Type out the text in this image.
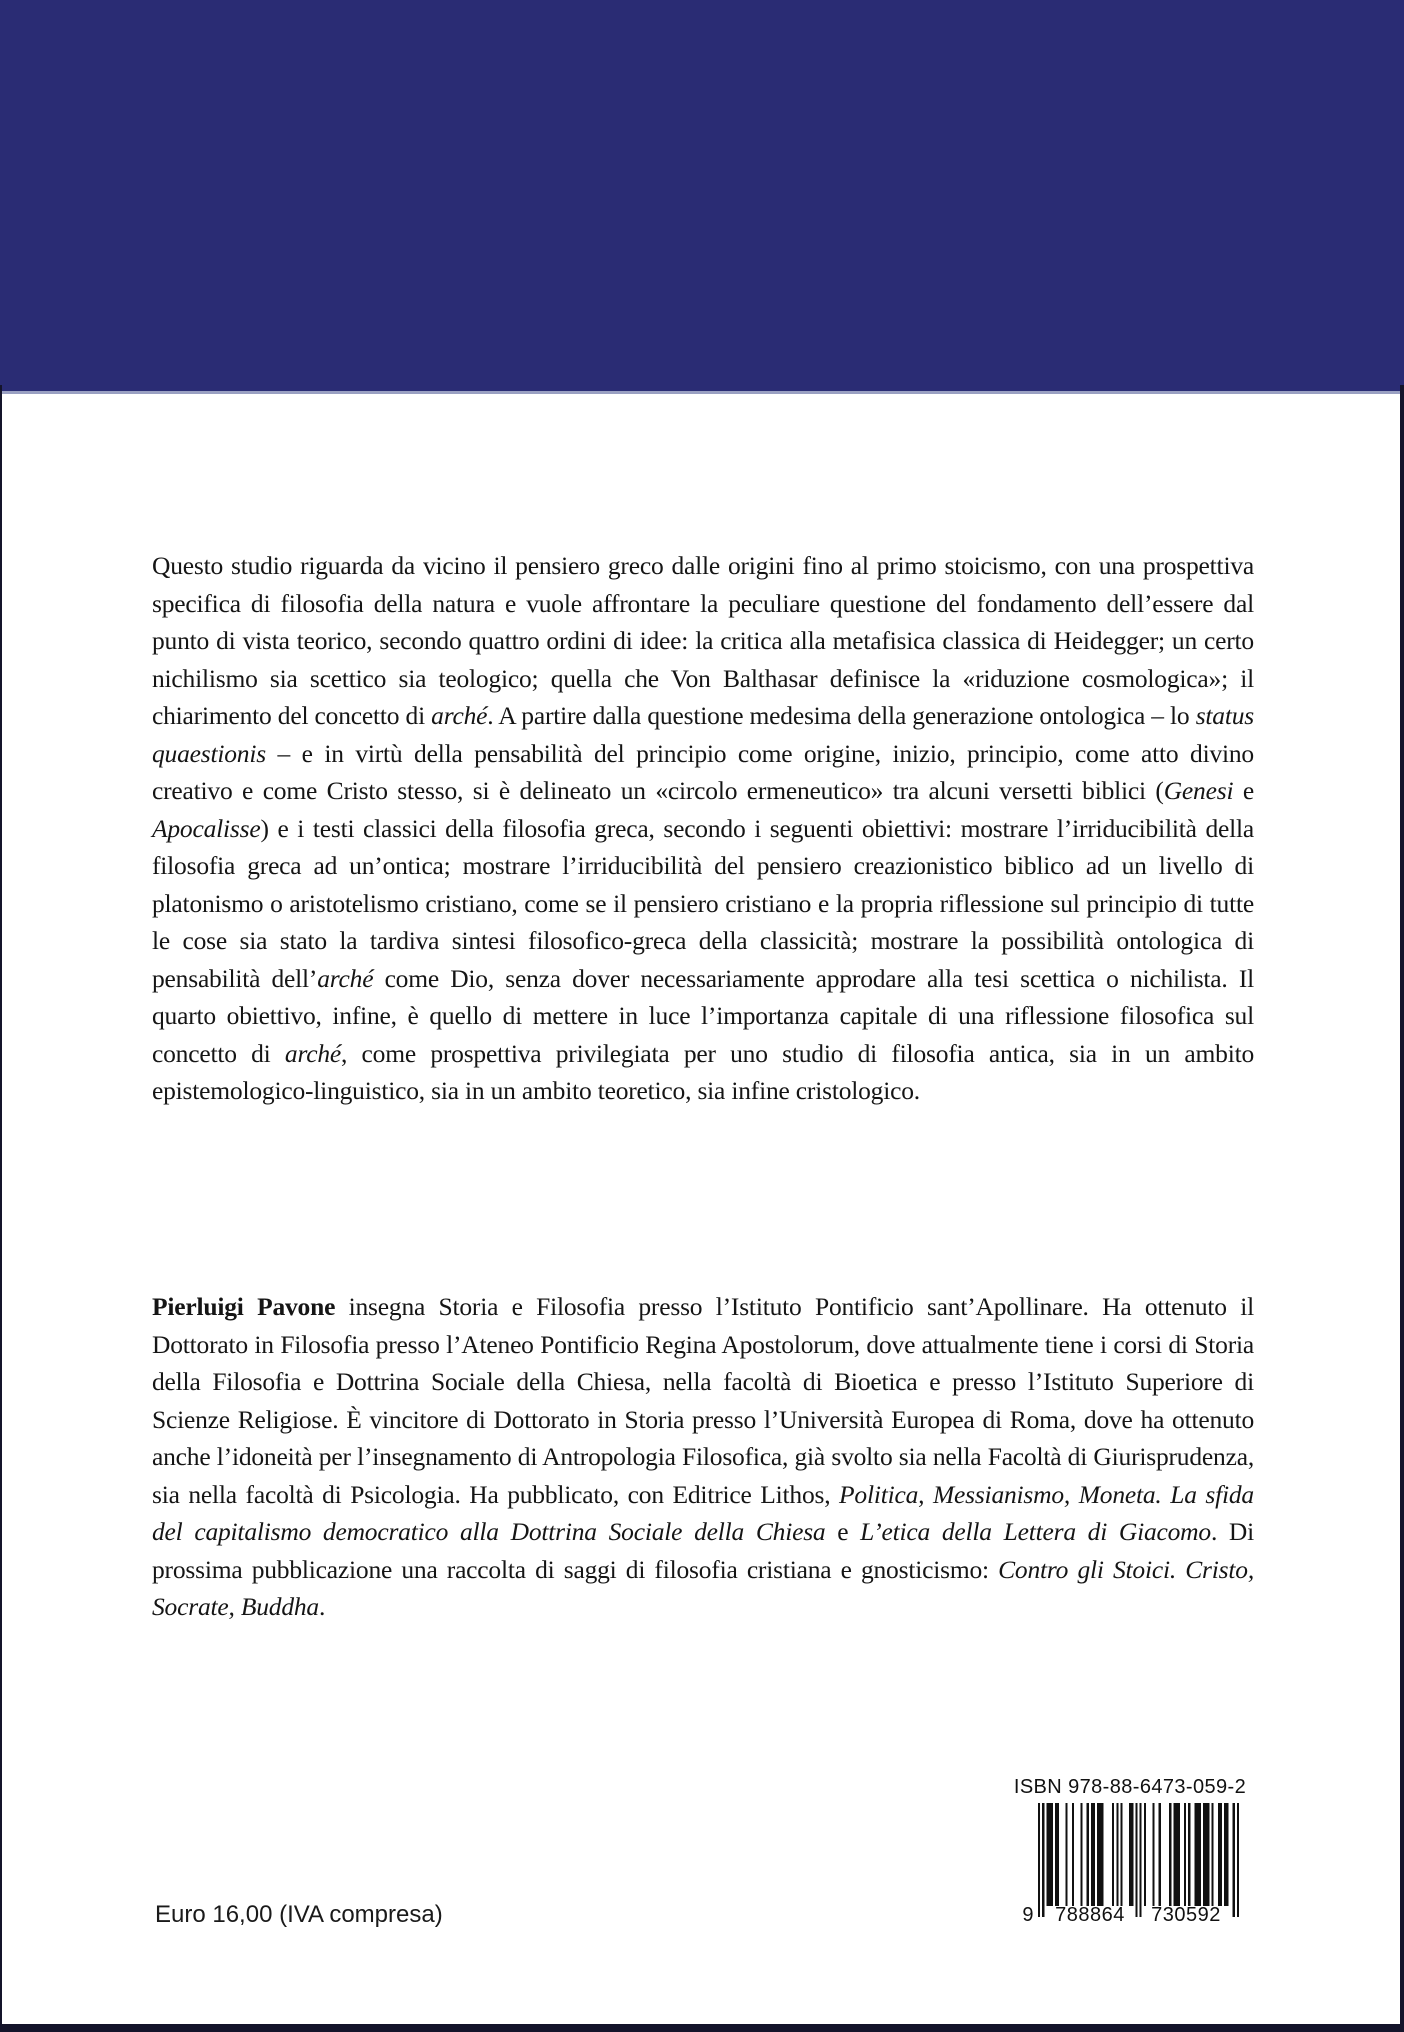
Questo studio riguarda da vicino il pensiero greco dalle origini fino al primo stoicismo, con una prospettiva specifica di filosofia della natura e vuole affrontare la peculiare questione del fondamento dell’essere dal punto di vista teorico, secondo quattro ordini di idee: la critica alla metafisica classica di Heidegger; un certo nichilismo sia scettico sia teologico; quella che Von Balthasar definisce la «riduzione cosmologica»; il chiarimento del concetto di arché. A partire dalla questione medesima della generazione ontologica – lo status quaestionis – e in virtù della pensabilità del principio come origine, inizio, principio, come atto divino creativo e come Cristo stesso, si è delineato un «circolo ermeneutico» tra alcuni versetti biblici (Genesi e Apocalisse) e i testi classici della filosofia greca, secondo i seguenti obiettivi: mostrare l’irriducibilità della filosofia greca ad un’ontica; mostrare l’irriducibilità del pensiero creazionistico biblico ad un livello di platonismo o aristotelismo cristiano, come se il pensiero cristiano e la propria riflessione sul principio di tutte le cose sia stato la tardiva sintesi filosofico-greca della classicità; mostrare la possibilità ontologica di pensabilità dell’arché come Dio, senza dover necessariamente approdare alla tesi scettica o nichilista. Il quarto obiettivo, infine, è quello di mettere in luce l’importanza capitale di una riflessione filosofica sul concetto di arché, come prospettiva privilegiata per uno studio di filosofia antica, sia in un ambito epistemologico-linguistico, sia in un ambito teoretico, sia infine cristologico.
Pierluigi Pavone insegna Storia e Filosofia presso l’Istituto Pontificio sant’Apollinare. Ha ottenuto il Dottorato in Filosofia presso l’Ateneo Pontificio Regina Apostolorum, dove attualmente tiene i corsi di Storia della Filosofia e Dottrina Sociale della Chiesa, nella facoltà di Bioetica e presso l’Istituto Superiore di Scienze Religiose. È vincitore di Dottorato in Storia presso l’Università Europea di Roma, dove ha ottenuto anche l’idoneità per l’insegnamento di Antropologia Filosofica, già svolto sia nella Facoltà di Giurisprudenza, sia nella facoltà di Psicologia. Ha pubblicato, con Editrice Lithos, Politica, Messianismo, Moneta. La sfida del capitalismo democratico alla Dottrina Sociale della Chiesa e L’etica della Lettera di Giacomo. Di prossima pubblicazione una raccolta di saggi di filosofia cristiana e gnosticismo: Contro gli Stoici. Cristo, Socrate, Buddha.
Euro 16,00 (IVA compresa)
ISBN 978-88-6473-059-2
9	788864	730592
